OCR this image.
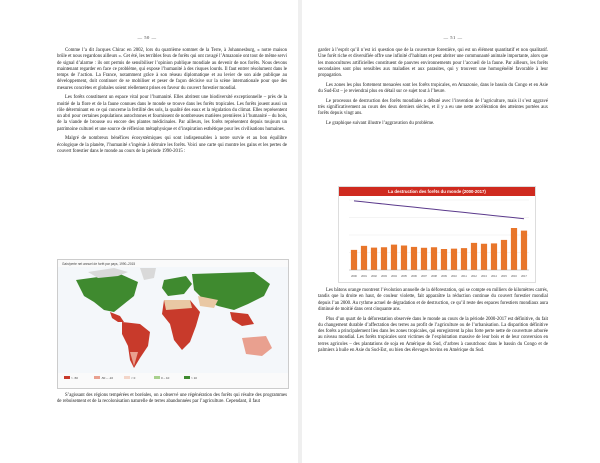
— 50 —

Comme l’a dit Jacques Chirac en 2002, lors du quatrième sommet de la Terre, à Johannesburg, « notre maison brûle et nous regardons ailleurs ». Cet été, les terribles feux de forêts qui ont ravagé l’Amazonie ont tout de même servi de signal d’alarme : ils ont permis de sensibiliser l’opinion publique mondiale au devenir de nos forêts. Nous devons maintenant regarder en face ce problème, qui expose l’humanité à des risques lourds. Il faut entrer résolument dans le temps de l’action. La France, notamment grâce à son réseau diplomatique et au levier de son aide publique au développement, doit continuer de se mobiliser et peser de façon décisive sur la scène internationale pour que des mesures concrètes et globales soient réellement prises en faveur du couvert forestier mondial.

Les forêts constituent un espace vital pour l’humanité. Elles abritent une biodiversité exceptionnelle – près de la moitié de la flore et de la faune connues dans le monde se trouve dans les forêts tropicales. Les forêts jouent aussi un rôle déterminant en ce qui concerne la fertilité des sols, la qualité des eaux et la régulation du climat. Elles représentent un abri pour certaines populations autochtones et fournissent de nombreuses matières premières à l’humanité – du bois, de la viande de brousse ou encore des plantes médicinales. Par ailleurs, les forêts représentent depuis toujours un patrimoine culturel et une source de réflexion métaphysique et d’inspiration esthétique pour les civilisations humaines.

Malgré de nombreux bénéfices écosystémiques qui sont indispensables à notre survie et au bon équilibre écologique de la planète, l’humanité s’ingénie à détruire les forêts. Voici une carte qui montre les gains et les pertes de couvert forestier dans le monde au cours de la période 1990-2015 :

Gain/perte net annuel de forêt par pays, 1990–2015
> -50	-50 – -10	< 0	0 – 10	> 10

S’agissant des régions tempérées et boréales, on a observé une régénération des forêts qui résulte des programmes de reboisement et de la recolonisation naturelle de terres abandonnées par l’agriculture. Cependant, il faut

— 51 —

garder à l’esprit qu’il n’est ici question que de la couverture forestière, qui est un élément quantitatif et non qualitatif. Une forêt riche et diversifiée offre une infinité d’habitats et peut abriter une communauté animale importante, alors que les monocultures artificielles constituent de pauvres environnements pour l’accueil de la faune. Par ailleurs, les forêts secondaires sont plus sensibles aux maladies et aux parasites, qui y trouvent une homogénéité favorable à leur propagation.

Les zones les plus fortement menacées sont les forêts tropicales, en Amazonie, dans le bassin du Congo et en Asie du Sud-Est – je reviendrai plus en détail sur ce sujet tout à l’heure.

Le processus de destruction des forêts mondiales a débuté avec l’invention de l’agriculture, mais il s’est aggravé très significativement au cours des deux derniers siècles, et il y a eu une nette accélération des atteintes portées aux forêts depuis vingt ans.

Le graphique suivant illustre l’aggravation du problème.

La destruction des forêts du monde (2000-2017)
2000 2001 2002 2003 2004 2005 2006 2007 2008 2009 2010 2011 2012 2013 2014 2015 2016 2017

Les bâtons orange montrent l’évolution annuelle de la déforestation, qui se compte en milliers de kilomètres carrés, tandis que la droite en haut, de couleur violette, fait apparaître la réduction continue du couvert forestier mondial depuis l’an 2000. Au rythme actuel de dégradation et de destruction, ce qu’il reste des espaces forestiers mondiaux aura diminué de moitié dans cent cinquante ans.

Plus d’un quart de la déforestation observée dans le monde au cours de la période 2000-2017 est définitive, du fait du changement durable d’affectation des terres au profit de l’agriculture ou de l’urbanisation. La disparition définitive des forêts a principalement lieu dans les zones tropicales, qui enregistrent la plus forte perte nette de couverture arborée au niveau mondial. Les forêts tropicales sont victimes de l’exploitation massive de leur bois et de leur conversion en terres agricoles – des plantations de soja en Amérique du Sud, d’arbres à caoutchouc dans le bassin du Congo et de palmiers à huile en Asie du Sud-Est, ou bien des élevages bovins en Amérique du Sud.
